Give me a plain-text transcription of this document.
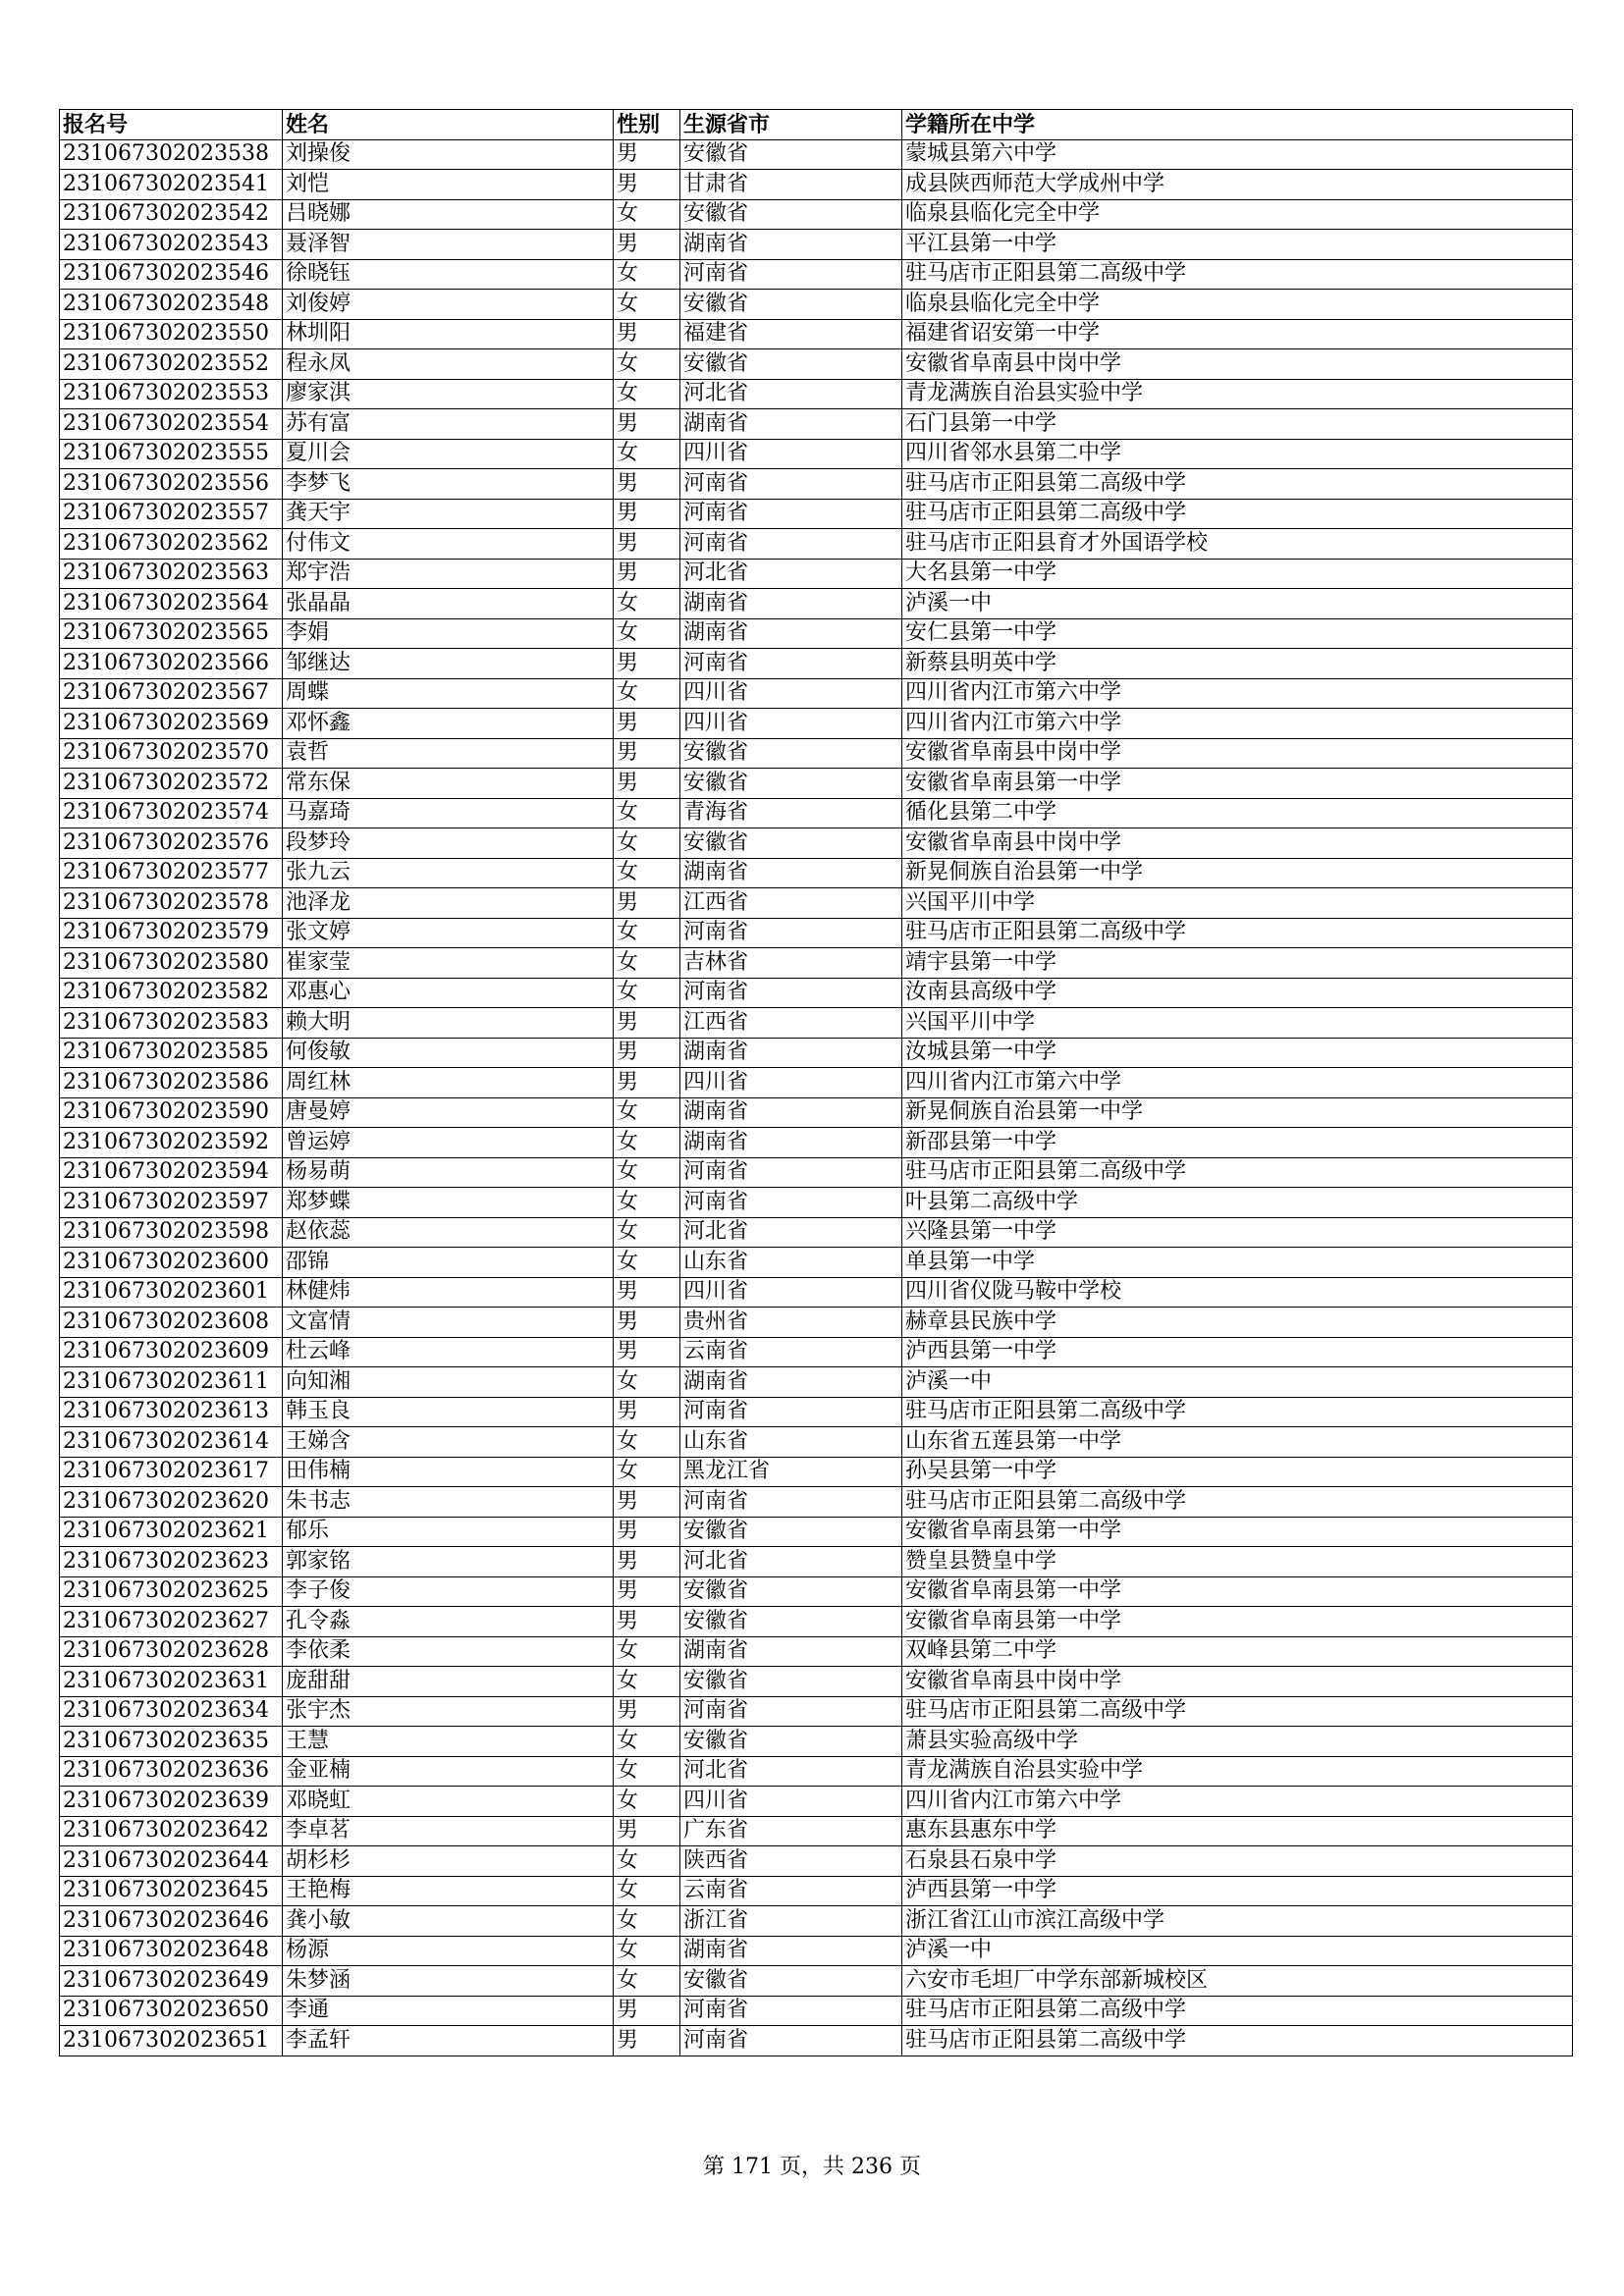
报名号	姓名	性别	生源省市	学籍所在中学
231067302023538	刘操俊	男	安徽省	蒙城县第六中学
231067302023541	刘恺	男	甘肃省	成县陕西师范大学成州中学
231067302023542	吕晓娜	女	安徽省	临泉县临化完全中学
231067302023543	聂泽智	男	湖南省	平江县第一中学
231067302023546	徐晓钰	女	河南省	驻马店市正阳县第二高级中学
231067302023548	刘俊婷	女	安徽省	临泉县临化完全中学
231067302023550	林圳阳	男	福建省	福建省诏安第一中学
231067302023552	程永凤	女	安徽省	安徽省阜南县中岗中学
231067302023553	廖家淇	女	河北省	青龙满族自治县实验中学
231067302023554	苏有富	男	湖南省	石门县第一中学
231067302023555	夏川会	女	四川省	四川省邻水县第二中学
231067302023556	李梦飞	男	河南省	驻马店市正阳县第二高级中学
231067302023557	龚天宇	男	河南省	驻马店市正阳县第二高级中学
231067302023562	付伟文	男	河南省	驻马店市正阳县育才外国语学校
231067302023563	郑宇浩	男	河北省	大名县第一中学
231067302023564	张晶晶	女	湖南省	泸溪一中
231067302023565	李娟	女	湖南省	安仁县第一中学
231067302023566	邹继达	男	河南省	新蔡县明英中学
231067302023567	周蝶	女	四川省	四川省内江市第六中学
231067302023569	邓怀鑫	男	四川省	四川省内江市第六中学
231067302023570	袁哲	男	安徽省	安徽省阜南县中岗中学
231067302023572	常东保	男	安徽省	安徽省阜南县第一中学
231067302023574	马嘉琦	女	青海省	循化县第二中学
231067302023576	段梦玲	女	安徽省	安徽省阜南县中岗中学
231067302023577	张九云	女	湖南省	新晃侗族自治县第一中学
231067302023578	池泽龙	男	江西省	兴国平川中学
231067302023579	张文婷	女	河南省	驻马店市正阳县第二高级中学
231067302023580	崔家莹	女	吉林省	靖宇县第一中学
231067302023582	邓惠心	女	河南省	汝南县高级中学
231067302023583	赖大明	男	江西省	兴国平川中学
231067302023585	何俊敏	男	湖南省	汝城县第一中学
231067302023586	周红林	男	四川省	四川省内江市第六中学
231067302023590	唐曼婷	女	湖南省	新晃侗族自治县第一中学
231067302023592	曾运婷	女	湖南省	新邵县第一中学
231067302023594	杨易萌	女	河南省	驻马店市正阳县第二高级中学
231067302023597	郑梦蝶	女	河南省	叶县第二高级中学
231067302023598	赵依蕊	女	河北省	兴隆县第一中学
231067302023600	邵锦	女	山东省	单县第一中学
231067302023601	林健炜	男	四川省	四川省仪陇马鞍中学校
231067302023608	文富情	男	贵州省	赫章县民族中学
231067302023609	杜云峰	男	云南省	泸西县第一中学
231067302023611	向知湘	女	湖南省	泸溪一中
231067302023613	韩玉良	男	河南省	驻马店市正阳县第二高级中学
231067302023614	王娣含	女	山东省	山东省五莲县第一中学
231067302023617	田伟楠	女	黑龙江省	孙吴县第一中学
231067302023620	朱书志	男	河南省	驻马店市正阳县第二高级中学
231067302023621	郁乐	男	安徽省	安徽省阜南县第一中学
231067302023623	郭家铭	男	河北省	赞皇县赞皇中学
231067302023625	李子俊	男	安徽省	安徽省阜南县第一中学
231067302023627	孔令淼	男	安徽省	安徽省阜南县第一中学
231067302023628	李依柔	女	湖南省	双峰县第二中学
231067302023631	庞甜甜	女	安徽省	安徽省阜南县中岗中学
231067302023634	张宇杰	男	河南省	驻马店市正阳县第二高级中学
231067302023635	王慧	女	安徽省	萧县实验高级中学
231067302023636	金亚楠	女	河北省	青龙满族自治县实验中学
231067302023639	邓晓虹	女	四川省	四川省内江市第六中学
231067302023642	李卓茗	男	广东省	惠东县惠东中学
231067302023644	胡杉杉	女	陕西省	石泉县石泉中学
231067302023645	王艳梅	女	云南省	泸西县第一中学
231067302023646	龚小敏	女	浙江省	浙江省江山市滨江高级中学
231067302023648	杨源	女	湖南省	泸溪一中
231067302023649	朱梦涵	女	安徽省	六安市毛坦厂中学东部新城校区
231067302023650	李通	男	河南省	驻马店市正阳县第二高级中学
231067302023651	李孟轩	男	河南省	驻马店市正阳县第二高级中学
第 171 页，共 236 页
